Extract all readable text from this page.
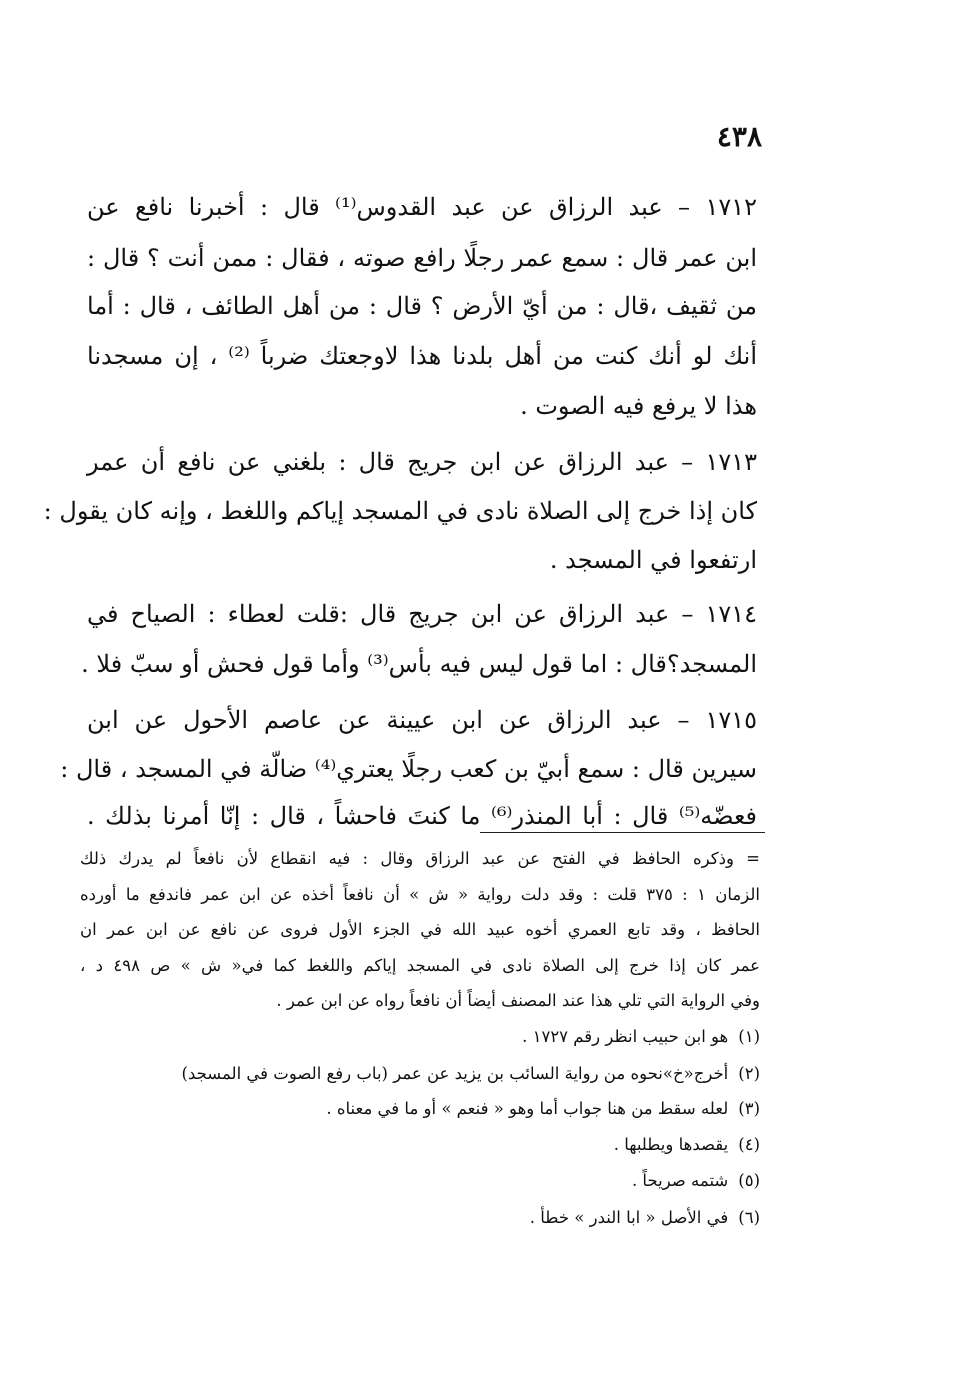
٤٣٨

١٧١٢ – عبد الرزاق عن عبد القدوس⁽¹⁾ قال : أخبرنا نافع عن

ابن عمر قال : سمع عمر رجلًا رافع صوته ، فقال : ممن أنت ؟ قال :

من ثقيف ،قال : من أيّ الأرض ؟ قال : من أهل الطائف ، قال : أما

أنك لو أنك كنت من أهل بلدنا هذا لاوجعتك ضرباً ⁽²⁾ ، إن مسجدنا

هذا لا يرفع فيه الصوت .

١٧١٣ – عبد الرزاق عن ابن جريج قال : بلغني عن نافع أن عمر

كان إذا خرج إلى الصلاة نادى في المسجد إياكم واللغط ، وإنه كان يقول :

ارتفعوا في المسجد .

١٧١٤ – عبد الرزاق عن ابن جريج قال :قلت لعطاء : الصياح في

المسجد؟قال : اما قول ليس فيه بأس⁽³⁾ وأما قول فحش أو سبّ فلا .

١٧١٥ – عبد الرزاق عن ابن عيينة عن عاصم الأحول عن ابن

سيرين قال : سمع أبيّ بن كعب رجلًا يعتري⁽⁴⁾ ضالّة في المسجد ، قال :

فعضّه⁽⁵⁾ قال : أبا المنذر⁽⁶⁾ ما كنتَ فاحشاً ، قال : إنّا أمرنا بذلك .

= وذكره الحافظ في الفتح عن عبد الرزاق وقال : فيه انقطاع لأن نافعاً لم يدرك ذلك
الزمان ١ : ٣٧٥ قلت : وقد دلت رواية « ش » أن نافعاً أخذه عن ابن عمر فاندفع ما أورده
الحافظ ، وقد تابع العمري أخوه عبيد الله في الجزء الأول فروى عن نافع عن ابن عمر ان
عمر كان إذا خرج إلى الصلاة نادى في المسجد إياكم واللغط كما في« ش » ص ٤٩٨ د ،
وفي الرواية التي تلي هذا عند المصنف أيضاً أن نافعاً رواه عن ابن عمر .
(١)هو ابن حبيب انظر رقم ١٧٢٧ .
(٢)أخرج«خ»نحوه من رواية السائب بن يزيد عن عمر (باب رفع الصوت في المسجد)
(٣)لعله سقط من هنا جواب أما وهو « فنعم » أو ما في معناه .
(٤)يقصدها ويطلبها .
(٥)شتمه صريحاً .
(٦)في الأصل « ابا الندر » خطأ .
